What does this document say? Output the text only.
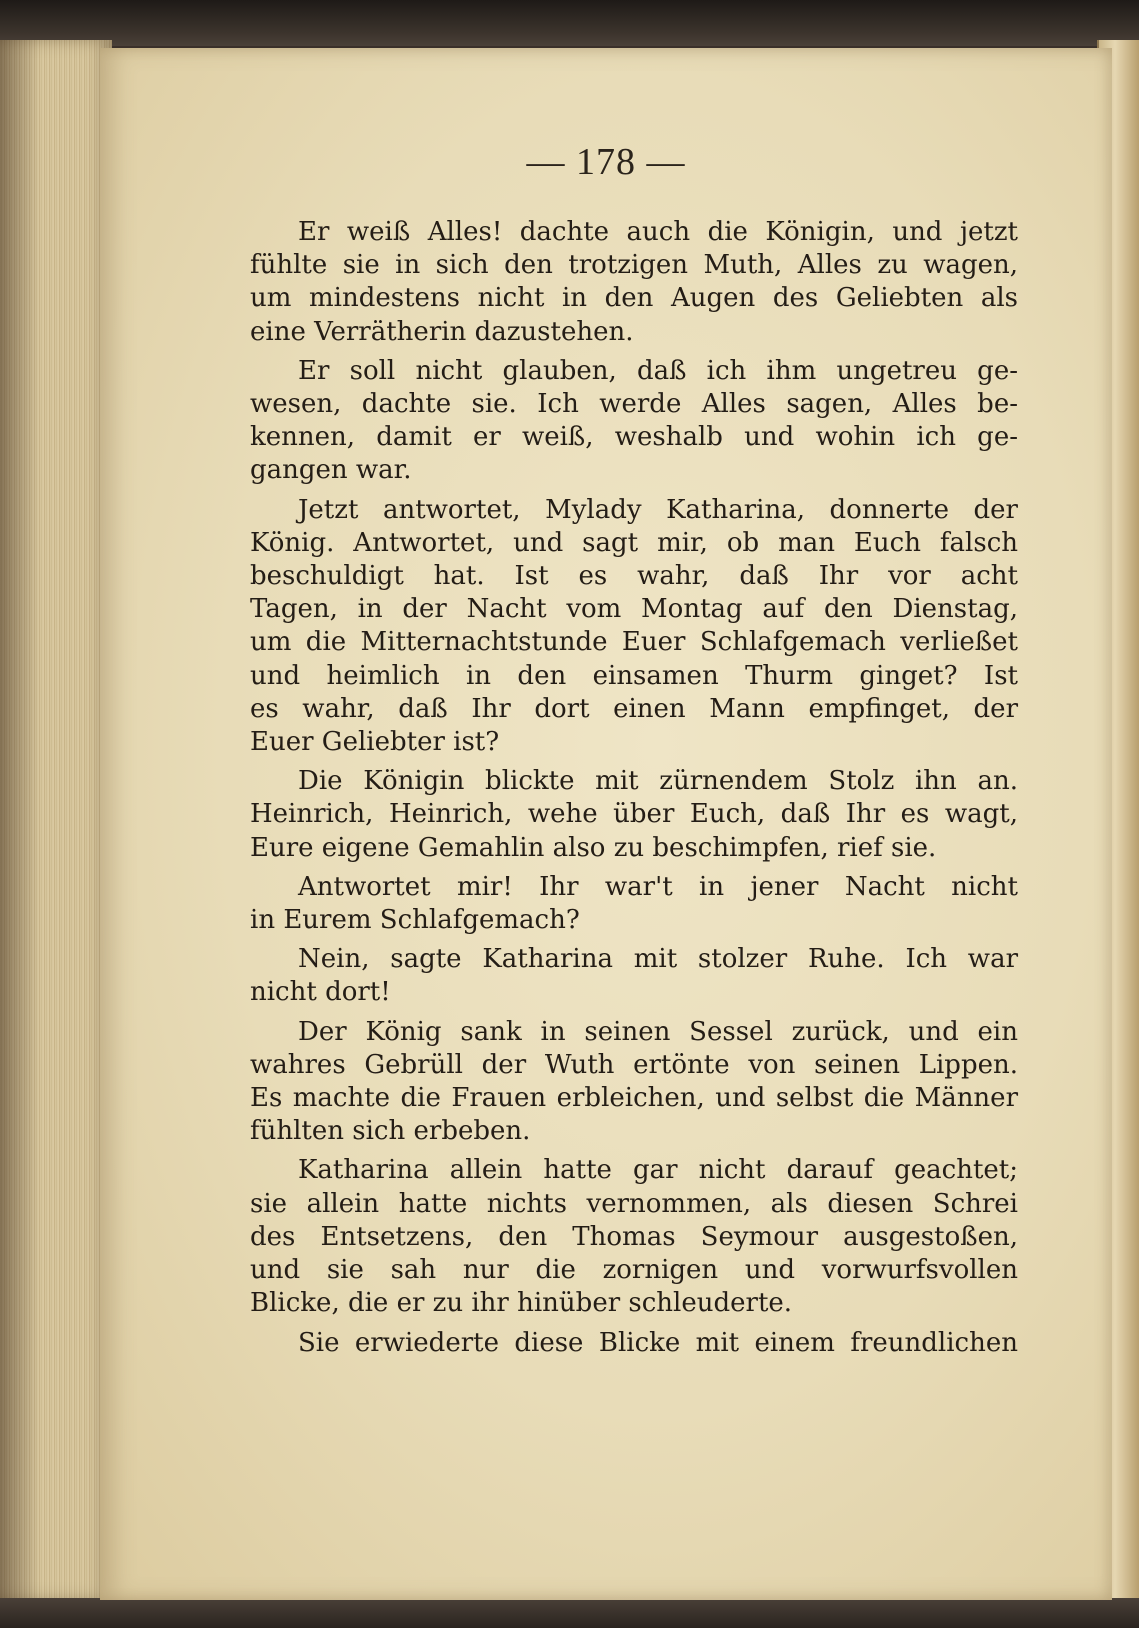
— 178 —
Er weiß Alles! dachte auch die Königin, und jetzt
fühlte sie in sich den trotzigen Muth, Alles zu wagen,
um mindestens nicht in den Augen des Geliebten als
eine Verrätherin dazustehen.
Er soll nicht glauben, daß ich ihm ungetreu ge-
wesen, dachte sie. Ich werde Alles sagen, Alles be-
kennen, damit er weiß, weshalb und wohin ich ge-
gangen war.
Jetzt antwortet, Mylady Katharina, donnerte der
König. Antwortet, und sagt mir, ob man Euch falsch
beschuldigt hat. Ist es wahr, daß Ihr vor acht
Tagen, in der Nacht vom Montag auf den Dienstag,
um die Mitternachtstunde Euer Schlafgemach verließet
und heimlich in den einsamen Thurm ginget? Ist
es wahr, daß Ihr dort einen Mann empfinget, der
Euer Geliebter ist?
Die Königin blickte mit zürnendem Stolz ihn an.
Heinrich, Heinrich, wehe über Euch, daß Ihr es wagt,
Eure eigene Gemahlin also zu beschimpfen, rief sie.
Antwortet mir! Ihr war't in jener Nacht nicht
in Eurem Schlafgemach?
Nein, sagte Katharina mit stolzer Ruhe. Ich war
nicht dort!
Der König sank in seinen Sessel zurück, und ein
wahres Gebrüll der Wuth ertönte von seinen Lippen.
Es machte die Frauen erbleichen, und selbst die Männer
fühlten sich erbeben.
Katharina allein hatte gar nicht darauf geachtet;
sie allein hatte nichts vernommen, als diesen Schrei
des Entsetzens, den Thomas Seymour ausgestoßen,
und sie sah nur die zornigen und vorwurfsvollen
Blicke, die er zu ihr hinüber schleuderte.
Sie erwiederte diese Blicke mit einem freundlichen
